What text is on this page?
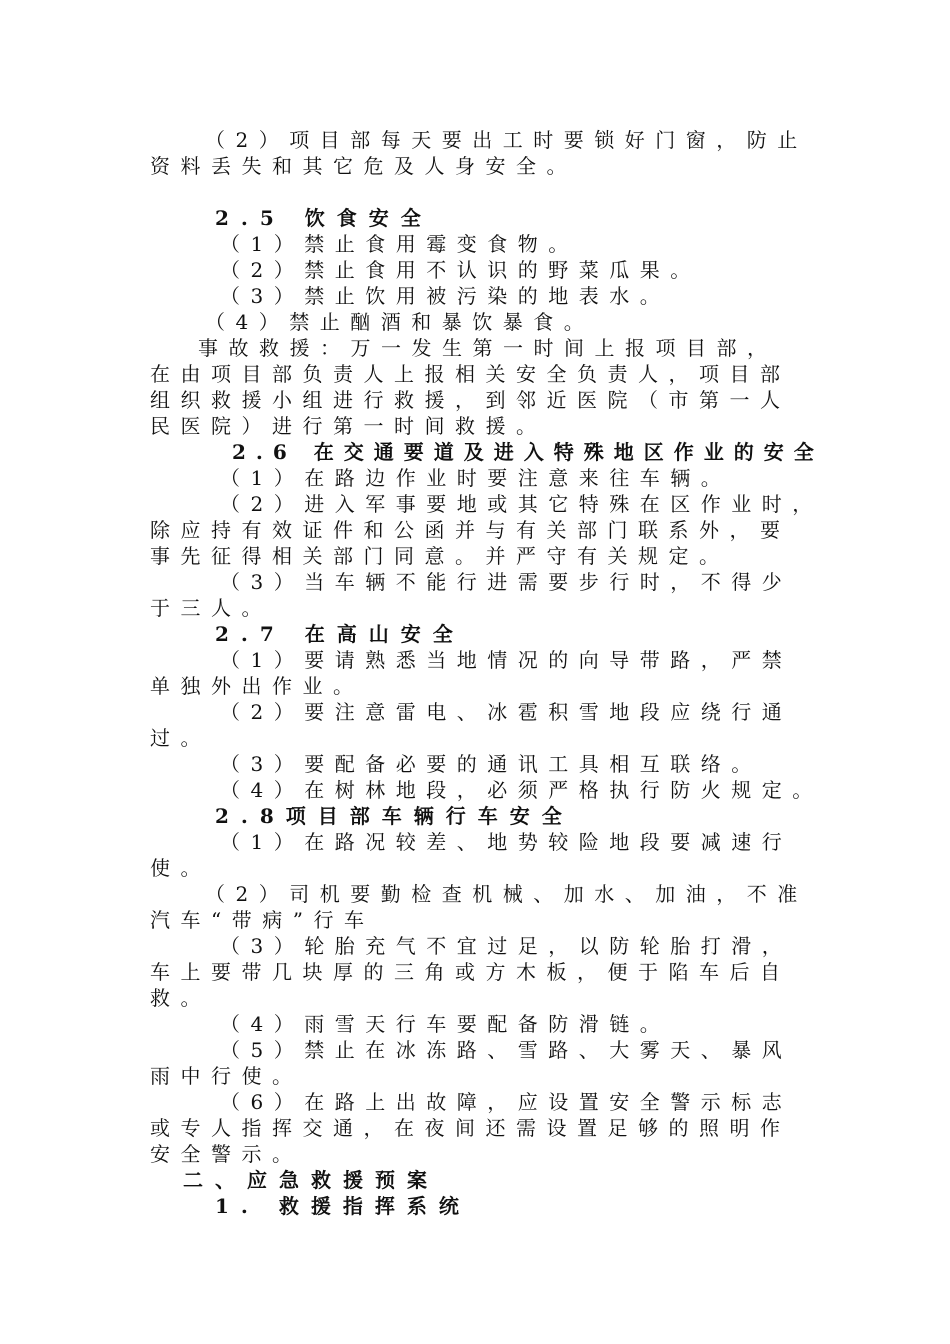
（2）项目部每天要出工时要锁好门窗，防止
资料丢失和其它危及人身安全。
2.5 饮食安全
（1）禁止食用霉变食物。
（2）禁止食用不认识的野菜瓜果。
（3）禁止饮用被污染的地表水。
（4）禁止酗酒和暴饮暴食。
事故救援：万一发生第一时间上报项目部，
在由项目部负责人上报相关安全负责人，项目部
组织救援小组进行救援，到邻近医院（市第一人
民医院）进行第一时间救援。
2.6 在交通要道及进入特殊地区作业的安全
（1）在路边作业时要注意来往车辆。
（2）进入军事要地或其它特殊在区作业时，
除应持有效证件和公函并与有关部门联系外，要
事先征得相关部门同意。并严守有关规定。
（3）当车辆不能行进需要步行时，不得少
于三人。
2.7 在高山安全
（1）要请熟悉当地情况的向导带路，严禁
单独外出作业。
（2）要注意雷电、冰雹积雪地段应绕行通
过。
（3）要配备必要的通讯工具相互联络。
（4）在树林地段，必须严格执行防火规定。
2.8项目部车辆行车安全
（1）在路况较差、地势较险地段要减速行
使。
（2）司机要勤检查机械、加水、加油，不准
汽车“带病”行车
（3）轮胎充气不宜过足，以防轮胎打滑，
车上要带几块厚的三角或方木板，便于陷车后自
救。
（4）雨雪天行车要配备防滑链。
（5）禁止在冰冻路、雪路、大雾天、暴风
雨中行使。
（6）在路上出故障，应设置安全警示标志
或专人指挥交通，在夜间还需设置足够的照明作
安全警示。
二、应急救援预案
1. 救援指挥系统
